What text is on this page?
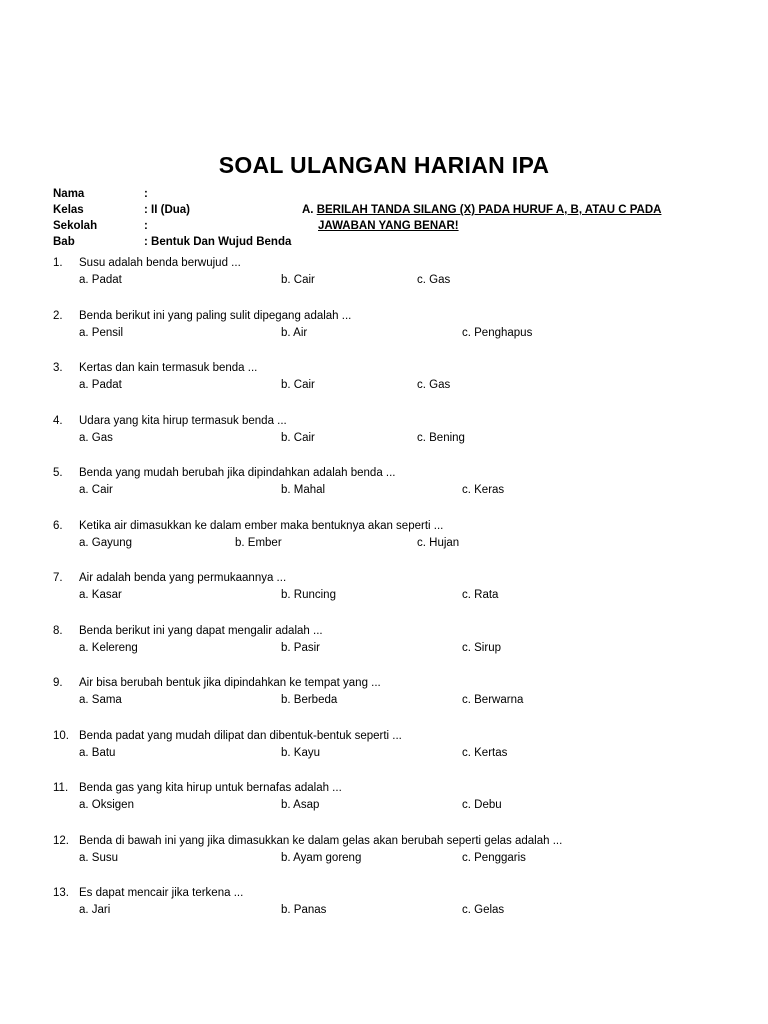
SOAL ULANGAN HARIAN IPA
Nama	:
Kelas	: II (Dua)
Sekolah	:
Bab	: Bentuk Dan Wujud Benda
A. BERILAH TANDA SILANG (X) PADA HURUF A, B, ATAU C PADA
JAWABAN YANG BENAR!
1. Susu adalah benda berwujud ...
a. Padat	b. Cair	c. Gas
2. Benda berikut ini yang paling sulit dipegang adalah ...
a. Pensil	b. Air	c. Penghapus
3. Kertas dan kain termasuk benda ...
a. Padat	b. Cair	c. Gas
4. Udara yang kita hirup termasuk benda ...
a. Gas	b. Cair	c. Bening
5. Benda yang mudah berubah jika dipindahkan adalah benda ...
a. Cair	b. Mahal	c. Keras
6. Ketika air dimasukkan ke dalam ember maka bentuknya akan seperti ...
a. Gayung	b. Ember	c. Hujan
7. Air adalah benda yang permukaannya ...
a. Kasar	b. Runcing	c. Rata
8. Benda berikut ini yang dapat mengalir adalah ...
a. Kelereng	b. Pasir	c. Sirup
9. Air bisa berubah bentuk jika dipindahkan ke tempat yang ...
a. Sama	b. Berbeda	c. Berwarna
10. Benda padat yang mudah dilipat dan dibentuk-bentuk seperti ...
a. Batu	b. Kayu	c. Kertas
11. Benda gas yang kita hirup untuk bernafas adalah ...
a. Oksigen	b. Asap	c. Debu
12. Benda di bawah ini yang jika dimasukkan ke dalam gelas akan berubah seperti gelas adalah ...
a. Susu	b. Ayam goreng	c. Penggaris
13. Es dapat mencair jika terkena ...
a. Jari	b. Panas	c. Gelas
